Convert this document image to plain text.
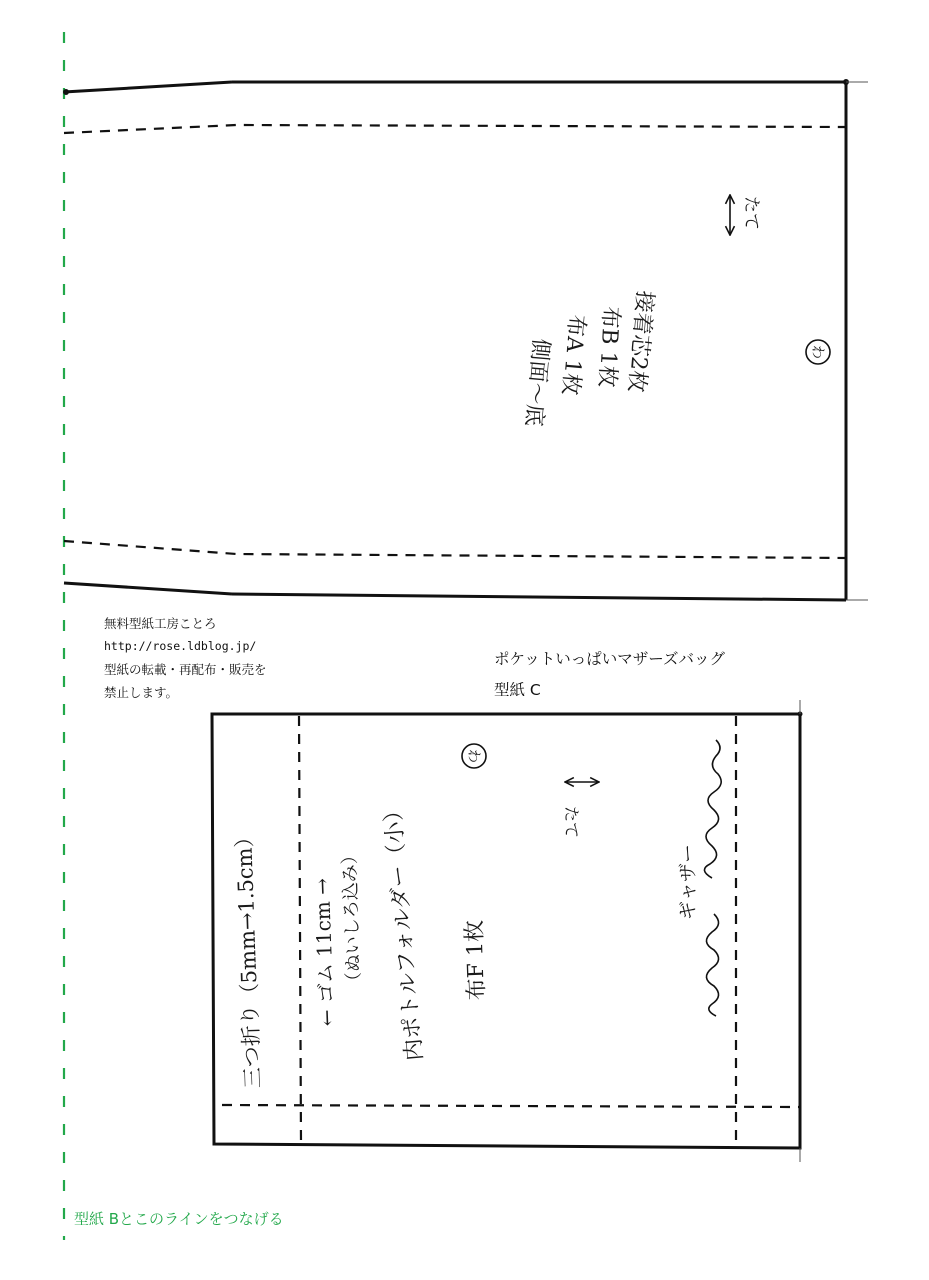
たて
わ
側面～底 布A 1枚 布B 1枚 接着芯2枚
わ
たて
三つ折り（5mm→1.5cm） ← ゴム 11cm → （ぬいしろ込み） 内ポトルフォルダー（小） 布F 1枚
ギャザー
無料型紙工房ことろ
http://rose.ldblog.jp/
型紙の転載・再配布・販売を
禁止します。
ポケットいっぱいマザーズバッグ
型紙 C
型紙 Bとこのラインをつなげる
